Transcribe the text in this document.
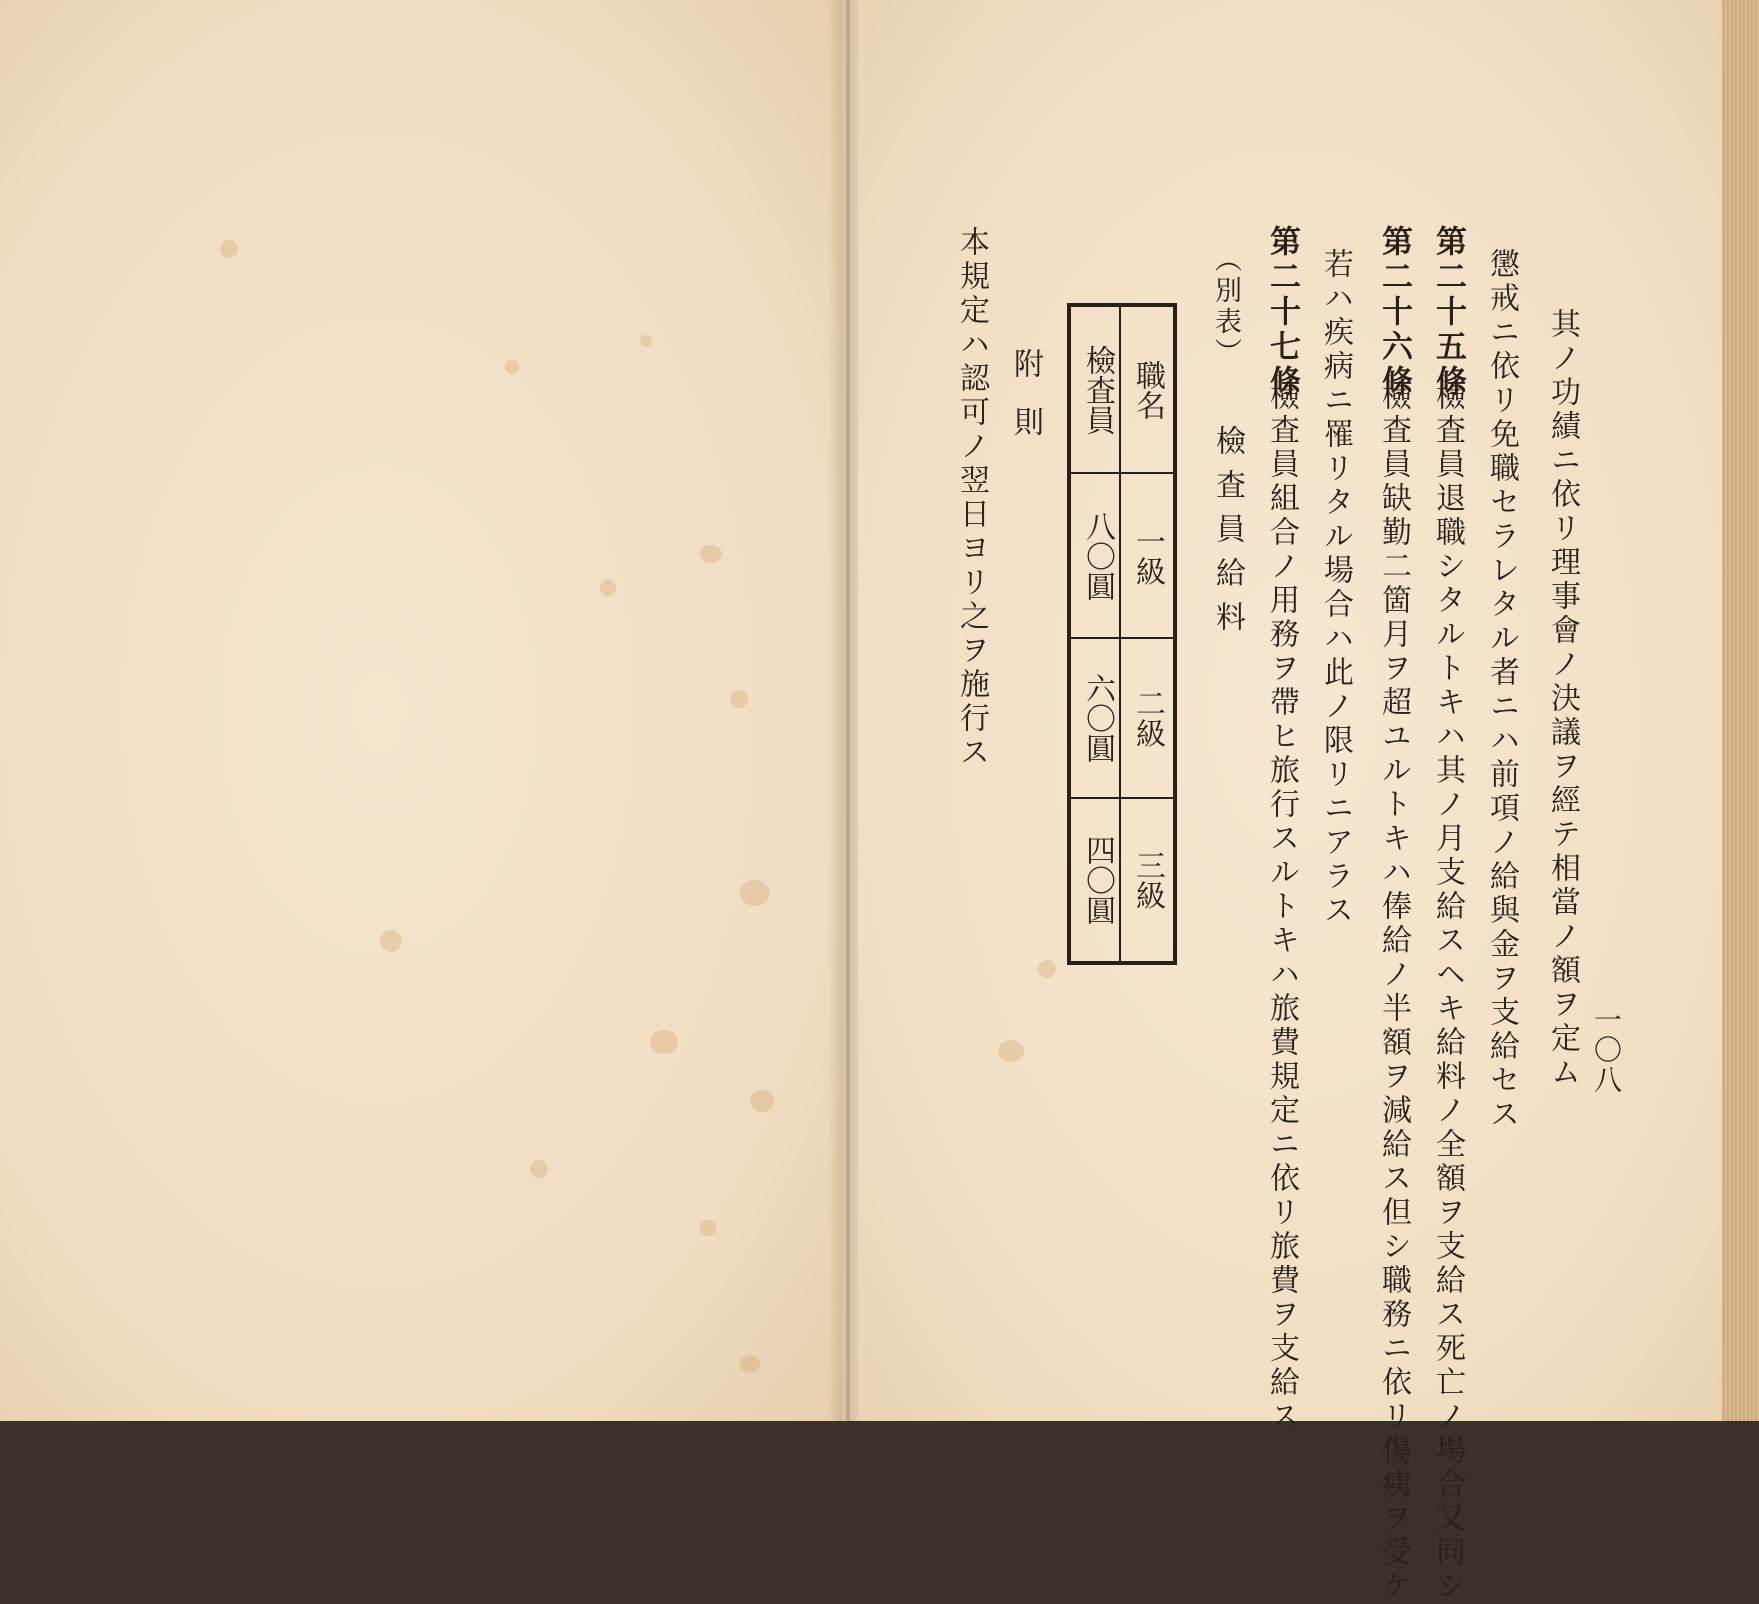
其ノ功績ニ依リ理事會ノ決議ヲ經テ相當ノ額ヲ定ム
懲戒ニ依リ免職セラレタル者ニハ前項ノ給與金ヲ支給セス
第二十五條
檢査員退職シタルトキハ其ノ月支給スヘキ給料ノ全額ヲ支給ス死亡ノ場合又同シ
第二十六條
檢査員缺勤二箇月ヲ超ユルトキハ俸給ノ半額ヲ減給ス但シ職務ニ依リ傷痍ヲ受ケ
若ハ疾病ニ罹リタル場合ハ此ノ限リニアラス
第二十七條
檢査員組合ノ用務ヲ帶ヒ旅行スルトキハ旅費規定ニ依リ旅費ヲ支給ス
（別表）
檢査員給料
職名
一級
二級
三級
檢査員
八〇圓
六〇圓
四〇圓
附則
本規定ハ認可ノ翌日ヨリ之ヲ施行ス
一〇八
